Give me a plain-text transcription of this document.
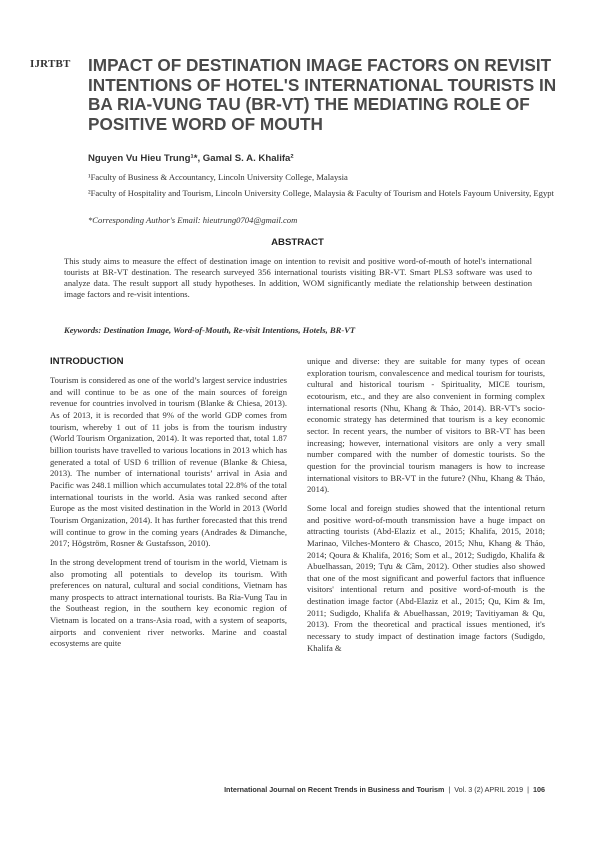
IJRTBT IMPACT OF DESTINATION IMAGE FACTORS ON REVISIT
INTENTIONS OF HOTEL'S INTERNATIONAL TOURISTS IN
BA RIA-VUNG TAU (BR-VT) THE MEDIATING ROLE OF
POSITIVE WORD OF MOUTH
Nguyen Vu Hieu Trung¹*, Gamal S. A. Khalifa²
¹Faculty of Business & Accountancy, Lincoln University College, Malaysia
²Faculty of Hospitality and Tourism, Lincoln University College, Malaysia & Faculty of Tourism and Hotels Fayoum University, Egypt
*Corresponding Author's Email: hieutrung0704@gmail.com
ABSTRACT
This study aims to measure the effect of destination image on intention to revisit and positive word-of-mouth of hotel's international tourists at BR-VT destination. The research surveyed 356 international tourists visiting BR-VT. Smart PLS3 software was used to analyze data. The result support all study hypotheses. In addition, WOM significantly mediate the relationship between destination image factors and re-visit intentions.
Keywords: Destination Image, Word-of-Mouth, Re-visit Intentions, Hotels, BR-VT
INTRODUCTION

Tourism is considered as one of the world’s largest service industries and will continue to be as one of the main sources of foreign revenue for countries involved in tourism (Blanke & Chiesa, 2013). As of 2013, it is recorded that 9% of the world GDP comes from tourism, whereby 1 out of 11 jobs is from the tourism industry (World Tourism Organization, 2014). It was reported that, total 1.87 billion tourists have travelled to various locations in 2013 which has generated a total of USD 6 trillion of revenue (Blanke & Chiesa, 2013). The number of international tourists’ arrival in Asia and Pacific was 248.1 million which accumulates total 22.8% of the total international tourists in the world. Asia was ranked second after Europe as the most visited destination in the World in 2013 (World Tourism Organization, 2014). It has further forecasted that this trend will continue to grow in the coming years (Andrades & Dimanche, 2017; Högström, Rosner & Gustafsson, 2010).

In the strong development trend of tourism in the world, Vietnam is also promoting all potentials to develop its tourism. With preferences on natural, cultural and social conditions, Vietnam has many prospects to attract international tourists. Ba Ria-Vung Tau in the Southeast region, in the southern key economic region of Vietnam is located on a trans-Asia road, with a system of seaports, airports and convenient river networks. Marine and coastal ecosystems are quite

unique and diverse: they are suitable for many types of ocean exploration tourism, convalescence and medical tourism for tourists, cultural and historical tourism - Spirituality, MICE tourism, ecotourism, etc., and they are also convenient in forming complex international resorts (Nhu, Khang & Thảo, 2014). BR-VT's socio-economic strategy has determined that tourism is a key economic sector. In recent years, the number of visitors to BR-VT has been increasing; however, international visitors are only a very small number compared with the number of domestic tourists. So the question for the provincial tourism managers is how to increase international visitors to BR-VT in the future? (Nhu, Khang & Thảo, 2014).

Some local and foreign studies showed that the intentional return and positive word-of-mouth transmission have a huge impact on attracting tourists (Abd-Elaziz et al., 2015; Khalifa, 2015, 2018; Marinao, Vilches-Montero & Chasco, 2015; Nhu, Khang & Thảo, 2014; Qoura & Khalifa, 2016; Som et al., 2012; Sudigdo, Khalifa & Abuelhassan, 2019; Tựu & Cầm, 2012). Other studies also showed that one of the most significant and powerful factors that influence visitors' intentional return and positive word-of-mouth is the destination image factor (Abd-Elaziz et al., 2015; Qu, Kim & Im, 2011; Sudigdo, Khalifa & Abuelhassan, 2019; Tavitiyaman & Qu, 2013). From the theoretical and practical issues mentioned, it's necessary to study impact of destination image factors (Sudigdo, Khalifa &

International Journal on Recent Trends in Business and Tourism | Vol. 3 (2) APRIL 2019 | 106
